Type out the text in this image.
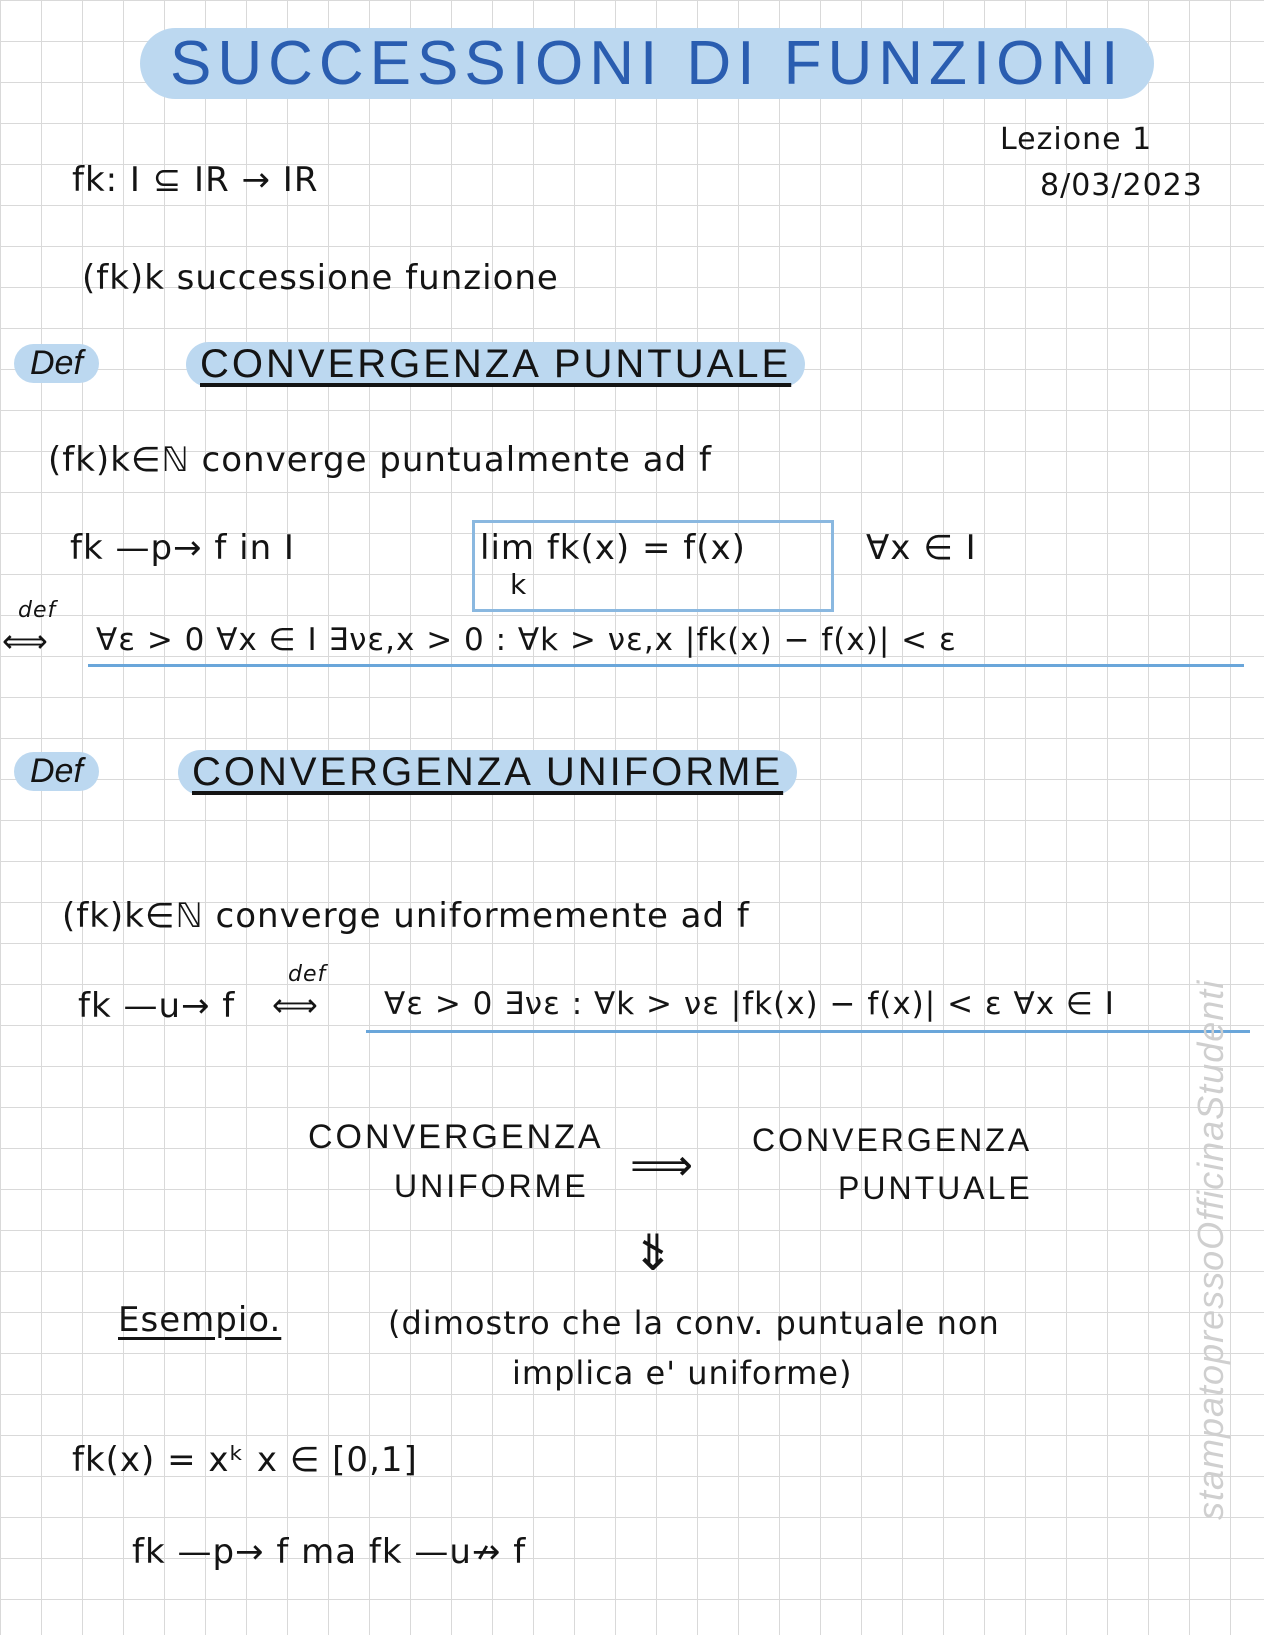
SUCCESSIONI DI FUNZIONI
Lezione 1
8/03/2023
fk: I ⊆ IR → IR
(fk)k successione funzione
Def	CONVERGENZA PUNTUALE
(fk)k∈ℕ converge puntualmente ad f
fk —p→ f in I	lim fk(x) = f(x)
k
∀x ∈ I
def
⟺ ∀ε > 0 ∀x ∈ I ∃νε,x > 0 : ∀k > νε,x |fk(x) − f(x)| < ε
Def	CONVERGENZA UNIFORME
(fk)k∈ℕ converge uniformemente ad f
fk —u→ f
def
⟺ ∀ε > 0 ∃νε : ∀k > νε |fk(x) − f(x)| < ε ∀x ∈ I
CONVERGENZA
UNIFORME ⟹ CONVERGENZA
PUNTUALE
⇍
Esempio.	(dimostro che la conv. puntuale non
implica e' uniforme)
fk(x) = xᵏ x ∈ [0,1]
fk —p→ f ma fk —u↛ f
stampatopressoOfficinaStudenti
